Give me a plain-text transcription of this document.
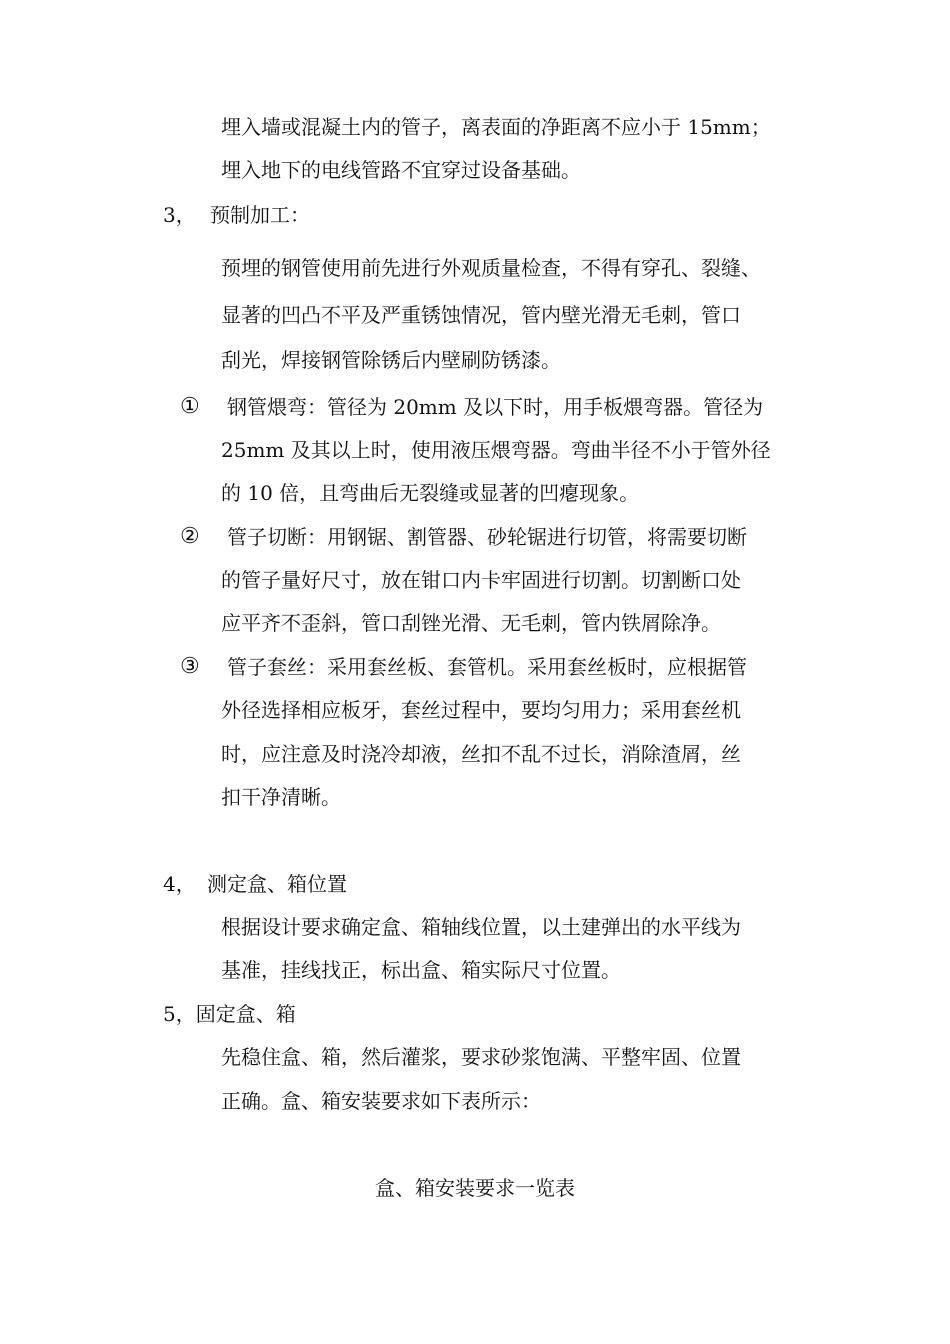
埋入墙或混凝土内的管子，离表面的净距离不应小于 15mm；
埋入地下的电线管路不宜穿过设备基础。
3， 预制加工：
预埋的钢管使用前先进行外观质量检查，不得有穿孔、裂缝、
显著的凹凸不平及严重锈蚀情况，管内壁光滑无毛刺，管口
刮光，焊接钢管除锈后内壁刷防锈漆。
① 钢管煨弯：管径为 20mm 及以下时，用手板煨弯器。管径为
25mm 及其以上时，使用液压煨弯器。弯曲半径不小于管外径
的 10 倍，且弯曲后无裂缝或显著的凹瘪现象。
② 管子切断：用钢锯、割管器、砂轮锯进行切管，将需要切断
的管子量好尺寸，放在钳口内卡牢固进行切割。切割断口处
应平齐不歪斜，管口刮锉光滑、无毛刺，管内铁屑除净。
③ 管子套丝：采用套丝板、套管机。采用套丝板时，应根据管
外径选择相应板牙，套丝过程中，要均匀用力；采用套丝机
时，应注意及时浇冷却液，丝扣不乱不过长，消除渣屑，丝
扣干净清晰。
4， 测定盒、箱位置
根据设计要求确定盒、箱轴线位置，以土建弹出的水平线为
基准，挂线找正，标出盒、箱实际尺寸位置。
5，固定盒、箱
先稳住盒、箱，然后灌浆，要求砂浆饱满、平整牢固、位置
正确。盒、箱安装要求如下表所示：
盒、箱安装要求一览表
